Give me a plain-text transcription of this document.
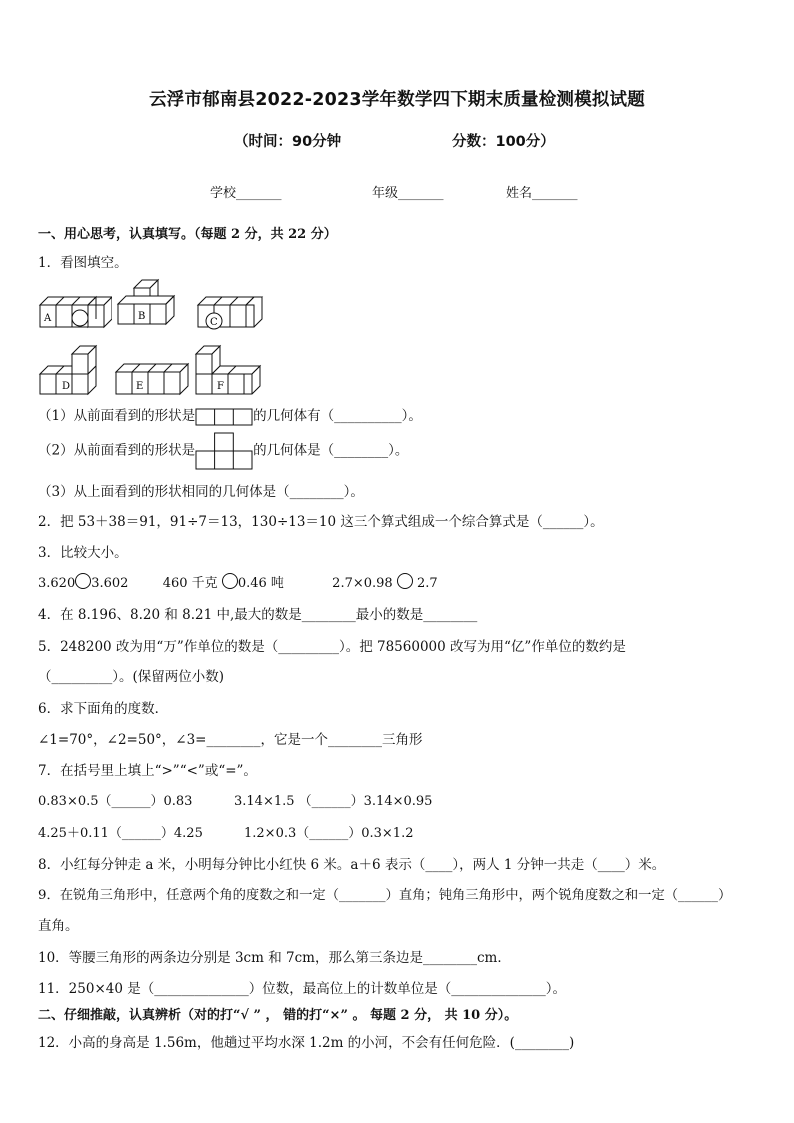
云浮市郁南县2022-2023学年数学四下期末质量检测模拟试题
（时间：90分钟	分数：100分）
学校_______	年级_______	姓名_______
一、用心思考，认真填写。（每题 2 分，共 22 分）
1．看图填空。
A	B
C
D	E	F
（1）从前面看到的形状是	的几何体有（__________）。
（2）从前面看到的形状是	的几何体是（________）。
（3）从上面看到的形状相同的几何体是（________）。
2．把 53＋38＝91，91÷7＝13，130÷13＝10 这三个算式组成一个综合算式是（______）。
3．比较大小。
3.620 3.602	460 千克 0.46 吨	2.7×0.98 2.7
4．在 8.196、8.20 和 8.21 中,最大的数是________最小的数是________
5．248200 改为用“万”作单位的数是（_________）。把 78560000 改写为用“亿”作单位的数约是
（_________）。(保留两位小数)
6．求下面角的度数．
∠1=70°，∠2=50°，∠3=________，它是一个________三角形
7．在括号里上填上“>”“<”或“=”。
0.83×0.5（______）0.83	3.14×1.5 （______）3.14×0.95
4.25＋0.11（______）4.25	1.2×0.3（______）0.3×1.2
8．小红每分钟走 a 米，小明每分钟比小红快 6 米。a＋6 表示（____），两人 1 分钟一共走（____）米。
9．在锐角三角形中，任意两个角的度数之和一定（_______）直角；钝角三角形中，两个锐角度数之和一定（______）
直角。
10．等腰三角形的两条边分别是 3cm 和 7cm，那么第三条边是________cm．
11．250×40 是（______________）位数，最高位上的计数单位是（______________）。
二、仔细推敲，认真辨析（对的打“√ ” ， 错的打“×” 。 每题 2 分， 共 10 分）。
12．小高的身高是 1.56m，他趟过平均水深 1.2m 的小河，不会有任何危险．(________)
